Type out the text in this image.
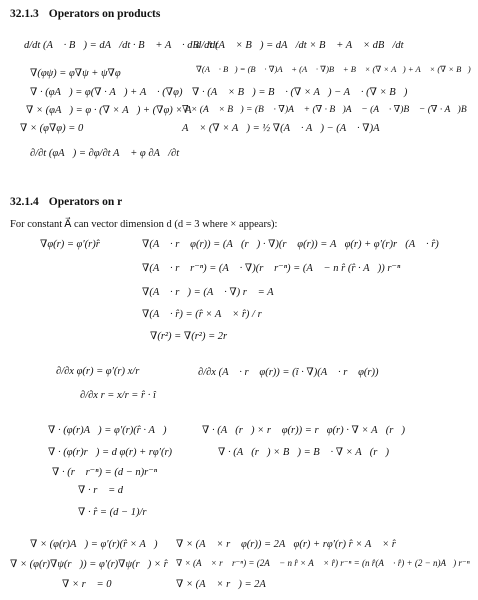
32.1.3 Operators on products
d/dt (A⃗ · B⃗) = dA⃗/dt · B⃗ + A⃗ · dB⃗/dt
∇(φψ) = φ∇ψ + ψ∇φ
∇ · (φA⃗) = φ(∇ · A⃗) + A⃗ · (∇φ)
∇ × (φA⃗) = φ · (∇ × A⃗) + (∇φ) × A⃗
∇ × (φ∇φ) = 0
∂/∂t (φA⃗) = ∂φ/∂t A⃗ + φ ∂A⃗/∂t
d/dt (A⃗ × B⃗) = dA⃗/dt × B⃗ + A⃗ × dB⃗/dt
∇(A⃗ · B⃗) = (B⃗ · ∇)A⃗ + (A⃗ · ∇)B⃗ + B⃗ × (∇ × A⃗) + A⃗ × (∇ × B⃗)
∇ · (A⃗ × B⃗) = B⃗ · (∇ × A⃗) − A⃗ · (∇ × B⃗)
∇ × (A⃗ × B⃗) = (B⃗ · ∇)A⃗ + (∇ · B⃗)A⃗ − (A⃗ · ∇)B⃗ − (∇ · A⃗)B⃗
A⃗ × (∇ × A⃗) = ½ ∇(A⃗ · A⃗) − (A⃗ · ∇)A⃗
32.1.4 Operators on r⃗
For constant A⃗ can vector dimension d (d = 3 where × appears):
∇φ(r) = φ′(r)r̂	∇(A⃗ · r⃗ φ(r)) = (A⃗(r⃗) · ∇)(r⃗ φ(r)) = A⃗φ(r) + φ′(r)r⃗(A⃗ · r̂)
∇(A⃗ · r⃗ r⁻ⁿ) = (A⃗ · ∇)(r⃗ r⁻ⁿ) = (A⃗ − n r̂ (r̂ · A⃗)) r⁻ⁿ
∇(A⃗ · r⃗) = (A⃗ · ∇) r⃗ = A⃗
∇(A⃗ · r̂) = (r̂ × A⃗ × r̂) / r
∇(r²) = ∇(r²) = 2r⃗
∂/∂x φ(r) = φ′(r) x/r
∂/∂x r = x/r = r̂ · î
∂/∂x (A⃗ · r⃗ φ(r)) = (î · ∇)(A⃗ · r⃗ φ(r))
∇ · (φ(r)A⃗) = φ′(r)(r̂ · A⃗)
∇ · (φ(r)r⃗) = d φ(r) + rφ′(r)
∇ · (r⃗ r⁻ⁿ) = (d − n)r⁻ⁿ
∇ · r⃗ = d
∇ · r̂ = (d − 1)/r
∇ · (A⃗(r⃗) × r⃗ φ(r)) = r⃗φ(r) · ∇ × A⃗(r⃗)
∇ · (A⃗(r⃗) × B⃗) = B⃗ · ∇ × A⃗(r⃗)
∇ × (φ(r)A⃗) = φ′(r)(r̂ × A⃗)
∇ × (φ(r)∇ψ(r⃗)) = φ′(r)∇ψ(r⃗) × r̂
∇ × r⃗ = 0
∇ × (A⃗ × r⃗ φ(r)) = 2A⃗φ(r) + rφ′(r) r̂ × A⃗ × r̂
∇ × (A⃗ × r⃗ r⁻ⁿ) = (2A⃗ − n r̂ × A⃗ × r̂) r⁻ⁿ = (n r̂(A⃗ · r̂) + (2 − n)A⃗) r⁻ⁿ
∇ × (A⃗ × r⃗) = 2A⃗
